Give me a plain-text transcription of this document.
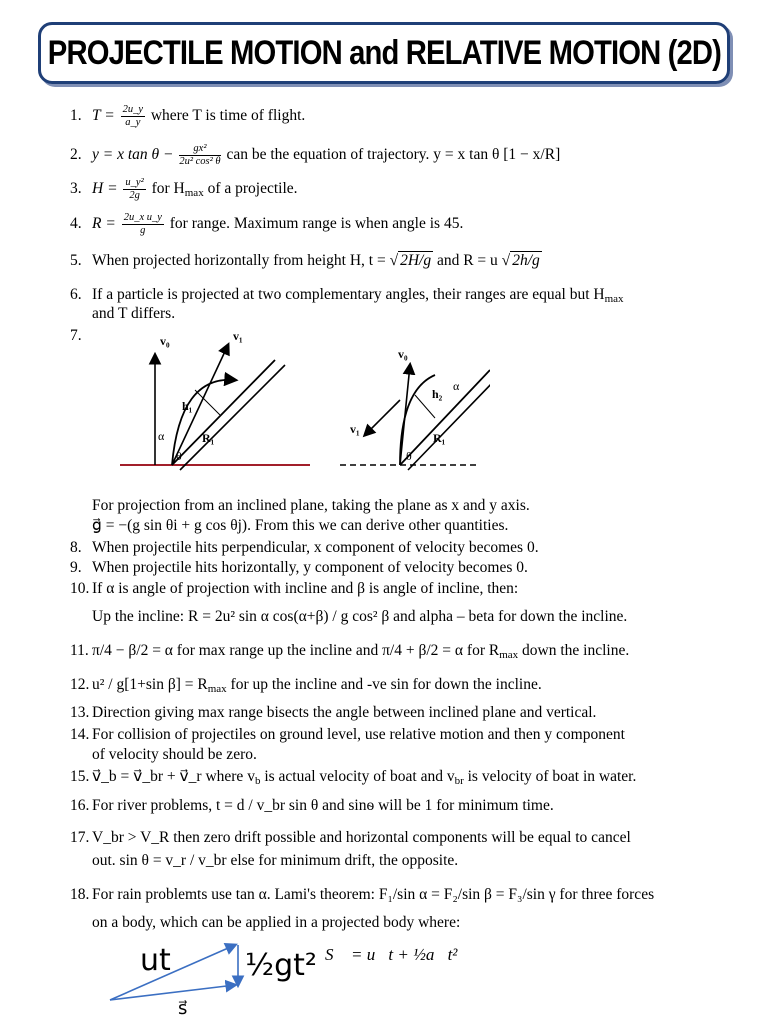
PROJECTILE MOTION and RELATIVE MOTION (2D)
1. $T = \frac{2u\_y}{a\_y}$ where T is time of flight.
2. y = x $\tan \theta - \frac{\text{gx²}}{\text{2u² cos² θ}}$ can be the equation of trajectory. y = x tan θ [1 − x/R]
3. $H = \frac{\text{u\_y²}}{2g}$ for $H_{max}$ of a projectile.
4. $R = \frac{\text{2u\_x u\_y}}{g}$ for range. Maximum range is when angle is 45.
5. When projected horizontally from height H, t = √ 2H/g and R = u √ 2h/g
6. If a particle is projected at two complementary angles, their ranges are equal but $H_{max}$
and T differs.
7.	v₀	v₁
h₁
R₁
α
θ
v₀
v₁
h₂
R₁
α
θ
For projection from an inclined plane, taking the plane as x and y axis.
g⃗ = −(g sin θi + g cos θj). From this we can derive other quantities.
8. When projectile hits perpendicular, x component of velocity becomes 0.
9. When projectile hits horizontally, y component of velocity becomes 0.
10. If α is angle of projection with incline and β is angle of incline, then:
Up the incline: R = 2u² sin α cos(α+β) / g cos² β and alpha – beta for down the incline.
11. π/4 − β/2 = α for max range up the incline and π/4 + β/2 = α for $R_{max}$ down the incline.
12. u² / g[1+sin $\beta] = R_{max}$ for up the incline and -ve sin for down the incline.
13. Direction giving max range bisects the angle between inclined plane and vertical.
14. For collision of projectiles on ground level, use relative motion and then y component
of velocity should be zero.
15. v⃗_b = v⃗_br + v⃗_r where $v_b$ is actual velocity of boat and $v_{br}$ is velocity of boat in water.
16. For river problems, t = d / v_br sin θ and sinѳ will be 1 for minimum time.
17. V_br > V_R then zero drift possible and horizontal components will be equal to cancel
out. sin θ = v_r / v_br else for minimum drift, the opposite.
18. For rain problemts use tan α. Lami's theorem: F₁/sin α = F₂/sin β = F₃/sin γ for three forces
on a body, which can be applied in a projected body where:
ut ½gt²
s⃗
S⃗ = u⃗t + ½a⃗t²
